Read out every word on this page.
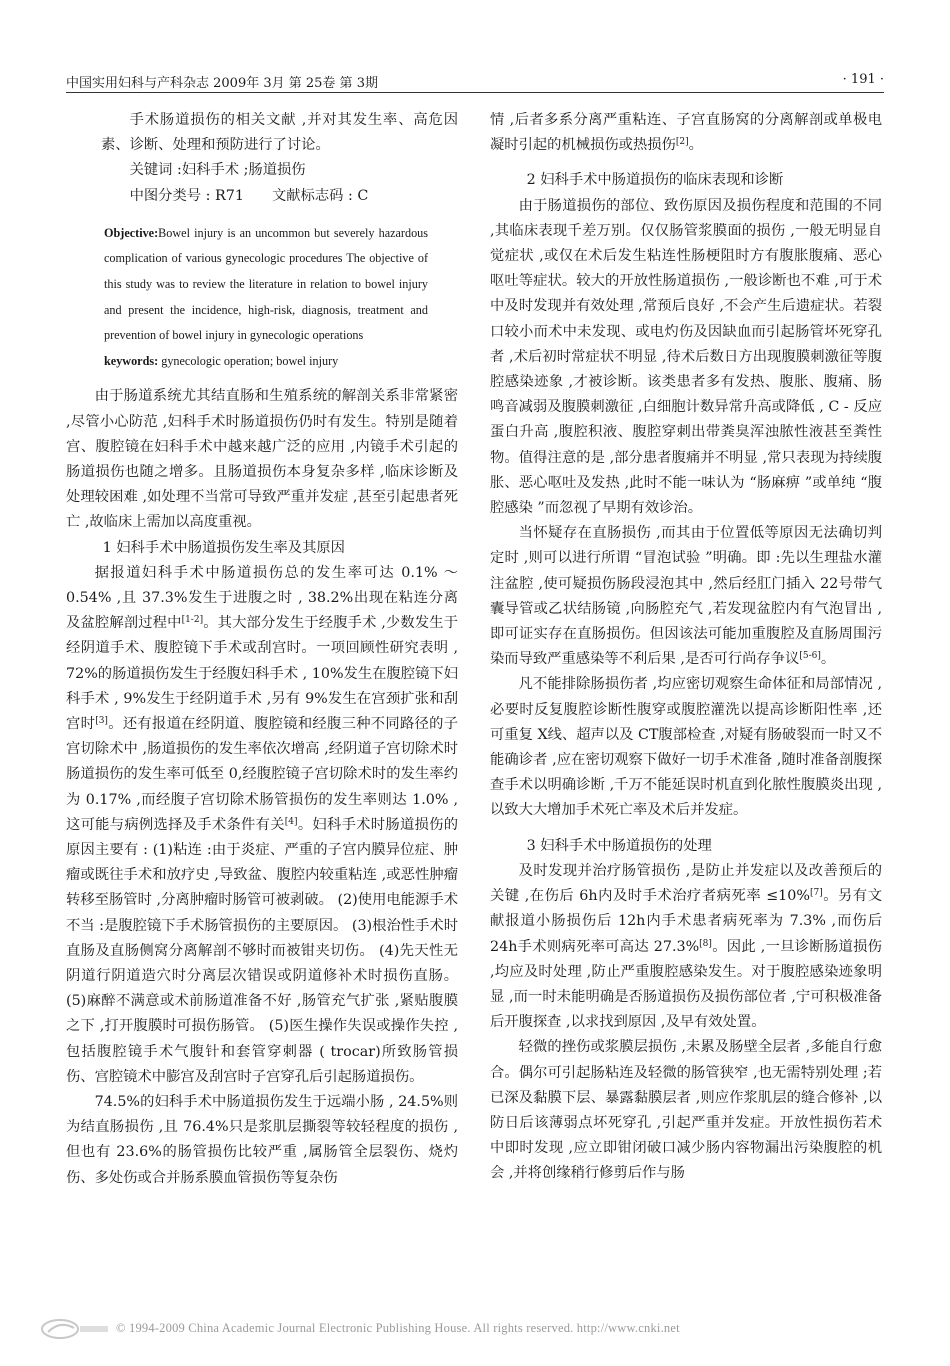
中国实用妇科与产科杂志 2009年 3月 第 25卷 第 3期	· 191 ·

手术肠道损伤的相关文献 ,并对其发生率、高危因素、诊断、处理和预防进行了讨论。

关键词 :妇科手术 ;肠道损伤

中图分类号 : R71 文献标志码 : C

Objective:Bowel injury is an uncommon but severely hazardous complication of various gynecologic procedures The objective of this study was to review the literature in relation to bowel injury and present the incidence, high-risk, diagnosis, treatment and prevention of bowel injury in gynecologic operations
keywords: gynecologic operation; bowel injury

由于肠道系统尤其结直肠和生殖系统的解剖关系非常紧密 ,尽管小心防范 ,妇科手术时肠道损伤仍时有发生。特别是随着宫、腹腔镜在妇科手术中越来越广泛的应用 ,内镜手术引起的肠道损伤也随之增多。且肠道损伤本身复杂多样 ,临床诊断及处理较困难 ,如处理不当常可导致严重并发症 ,甚至引起患者死亡 ,故临床上需加以高度重视。

1 妇科手术中肠道损伤发生率及其原因

据报道妇科手术中肠道损伤总的发生率可达 0.1% ～ 0.54% ,且 37.3%发生于进腹之时 , 38.2%出现在粘连分离及盆腔解剖过程中[1-2]。其大部分发生于经腹手术 ,少数发生于经阴道手术、腹腔镜下手术或刮宫时。一项回顾性研究表明 , 72%的肠道损伤发生于经腹妇科手术 , 10%发生在腹腔镜下妇科手术 , 9%发生于经阴道手术 ,另有 9%发生在宫颈扩张和刮宫时[3]。还有报道在经阴道、腹腔镜和经腹三种不同路径的子宫切除术中 ,肠道损伤的发生率依次增高 ,经阴道子宫切除术时肠道损伤的发生率可低至 0,经腹腔镜子宫切除术时的发生率约为 0.17% ,而经腹子宫切除术肠管损伤的发生率则达 1.0% ,这可能与病例选择及手术条件有关[4]。妇科手术时肠道损伤的原因主要有 : (1)粘连 :由于炎症、严重的子宫内膜异位症、肿瘤或既往手术和放疗史 ,导致盆、腹腔内较重粘连 ,或恶性肿瘤转移至肠管时 ,分离肿瘤时肠管可被剥破。 (2)使用电能源手术不当 :是腹腔镜下手术肠管损伤的主要原因。 (3)根治性手术时直肠及直肠侧窝分离解剖不够时而被钳夹切伤。 (4)先天性无阴道行阴道造穴时分离层次错误或阴道修补术时损伤直肠。 (5)麻醉不满意或术前肠道准备不好 ,肠管充气扩张 ,紧贴腹膜之下 ,打开腹膜时可损伤肠管。 (5)医生操作失误或操作失控 ,包括腹腔镜手术气腹针和套管穿刺器 ( trocar)所致肠管损伤、宫腔镜术中膨宫及刮宫时子宫穿孔后引起肠道损伤。

74.5%的妇科手术中肠道损伤发生于远端小肠 , 24.5%则为结直肠损伤 ,且 76.4%只是浆肌层撕裂等较轻程度的损伤 ,但也有 23.6%的肠管损伤比较严重 ,属肠管全层裂伤、烧灼伤、多处伤或合并肠系膜血管损伤等复杂伤

情 ,后者多系分离严重粘连、子宫直肠窝的分离解剖或单极电凝时引起的机械损伤或热损伤[2]。

2 妇科手术中肠道损伤的临床表现和诊断

由于肠道损伤的部位、致伤原因及损伤程度和范围的不同 ,其临床表现千差万别。仅仅肠管浆膜面的损伤 ,一般无明显自觉症状 ,或仅在术后发生粘连性肠梗阻时方有腹胀腹痛、恶心呕吐等症状。较大的开放性肠道损伤 ,一般诊断也不难 ,可于术中及时发现并有效处理 ,常预后良好 ,不会产生后遗症状。若裂口较小而术中未发现、或电灼伤及因缺血而引起肠管坏死穿孔者 ,术后初时常症状不明显 ,待术后数日方出现腹膜刺激征等腹腔感染迹象 ,才被诊断。该类患者多有发热、腹胀、腹痛、肠鸣音减弱及腹膜刺激征 ,白细胞计数异常升高或降低 , C - 反应蛋白升高 ,腹腔积液、腹腔穿刺出带粪臭浑浊脓性液甚至粪性物。值得注意的是 ,部分患者腹痛并不明显 ,常只表现为持续腹胀、恶心呕吐及发热 ,此时不能一味认为 “肠麻痹 ”或单纯 “腹腔感染 ”而忽视了早期有效诊治。

当怀疑存在直肠损伤 ,而其由于位置低等原因无法确切判定时 ,则可以进行所谓 “冒泡试验 ”明确。即 :先以生理盐水灌注盆腔 ,使可疑损伤肠段浸泡其中 ,然后经肛门插入 22号带气囊导管或乙状结肠镜 ,向肠腔充气 ,若发现盆腔内有气泡冒出 ,即可证实存在直肠损伤。但因该法可能加重腹腔及直肠周围污染而导致严重感染等不利后果 ,是否可行尚存争议[5-6]。

凡不能排除肠损伤者 ,均应密切观察生命体征和局部情况 ,必要时反复腹腔诊断性腹穿或腹腔灌洗以提高诊断阳性率 ,还可重复 X线、超声以及 CT腹部检查 ,对疑有肠破裂而一时又不能确诊者 ,应在密切观察下做好一切手术准备 ,随时准备剖腹探查手术以明确诊断 ,千万不能延误时机直到化脓性腹膜炎出现 ,以致大大增加手术死亡率及术后并发症。

3 妇科手术中肠道损伤的处理

及时发现并治疗肠管损伤 ,是防止并发症以及改善预后的关键 ,在伤后 6h内及时手术治疗者病死率 ≤10%[7]。另有文献报道小肠损伤后 12h内手术患者病死率为 7.3% ,而伤后 24h手术则病死率可高达 27.3%[8]。因此 ,一旦诊断肠道损伤 ,均应及时处理 ,防止严重腹腔感染发生。对于腹腔感染迹象明显 ,而一时未能明确是否肠道损伤及损伤部位者 ,宁可积极准备后开腹探查 ,以求找到原因 ,及早有效处置。

轻微的挫伤或浆膜层损伤 ,未累及肠壁全层者 ,多能自行愈合。偶尔可引起肠粘连及轻微的肠管狭窄 ,也无需特别处理 ;若已深及黏膜下层、暴露黏膜层者 ,则应作浆肌层的缝合修补 ,以防日后该薄弱点坏死穿孔 ,引起严重并发症。开放性损伤若术中即时发现 ,应立即钳闭破口减少肠内容物漏出污染腹腔的机会 ,并将创缘稍行修剪后作与肠

© 1994-2009 China Academic Journal Electronic Publishing House. All rights reserved. http://www.cnki.net
